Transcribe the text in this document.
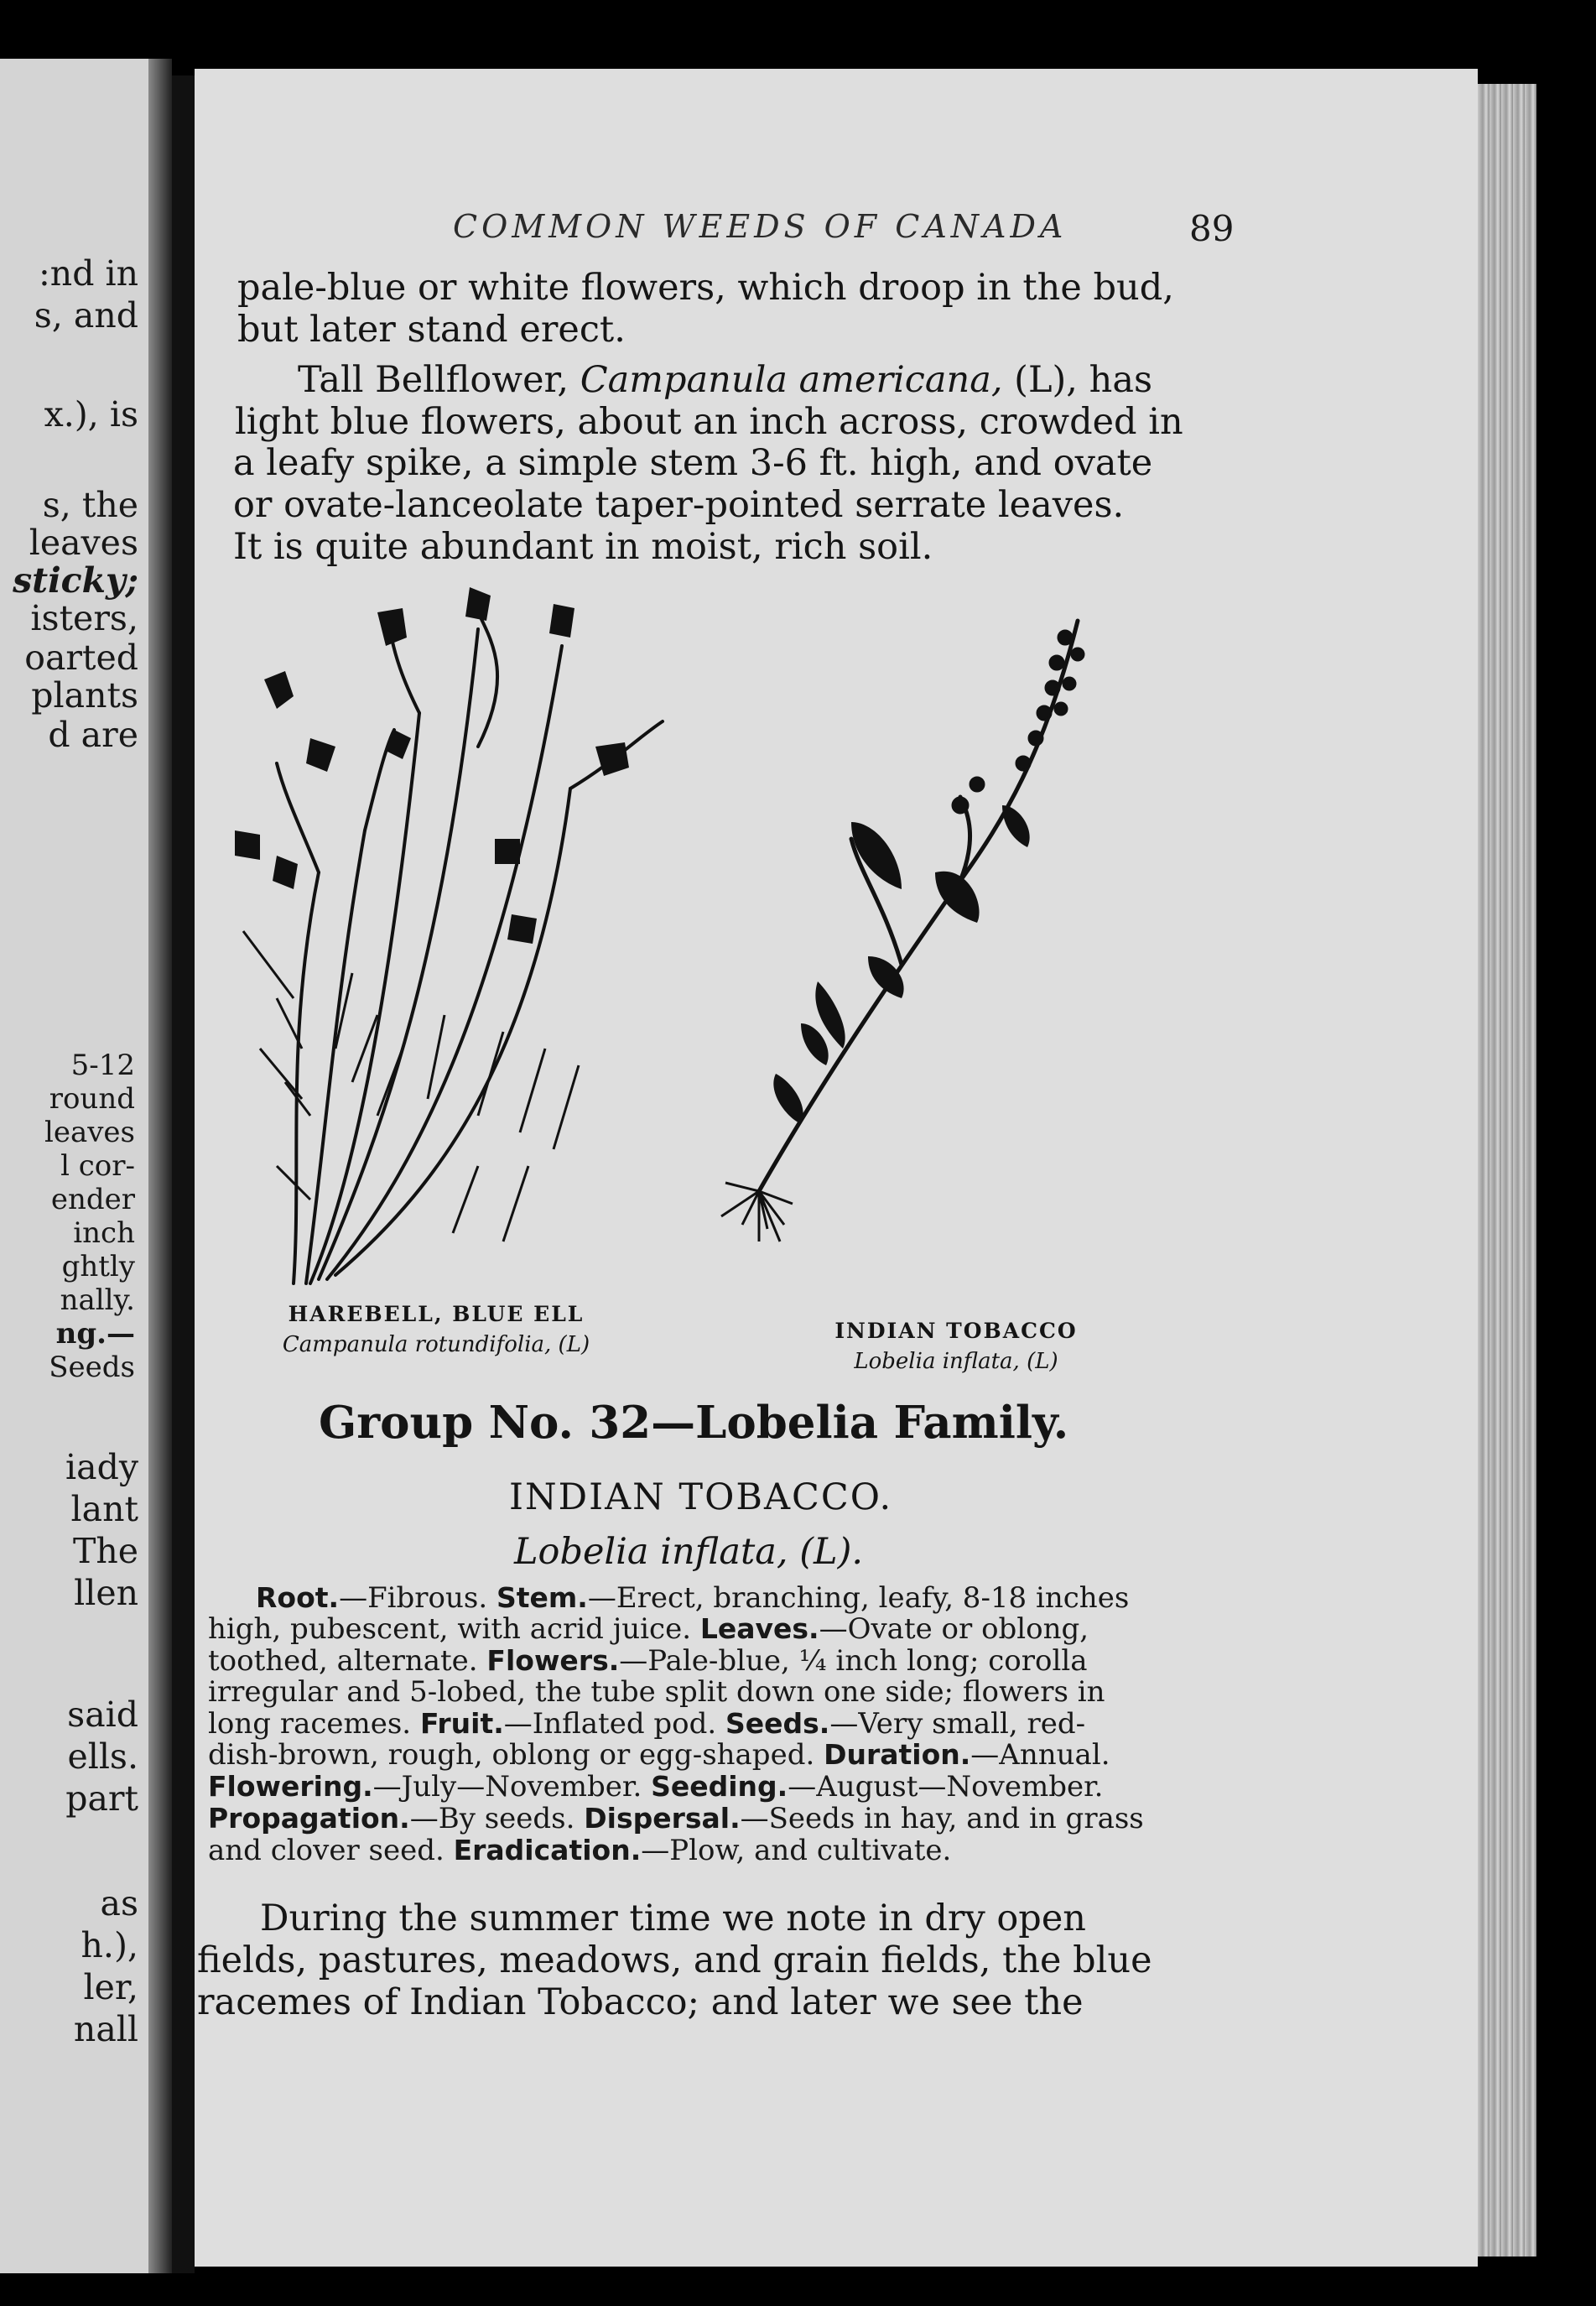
:nd in
s, and
x.), is
s, the
leaves
sticky;
isters,
oarted
plants
d are
5-12
round
leaves
l cor-
ender
inch
ghtly
nally.
ng.—
Seeds
iady
lant
The
llen
said
ells.
part
as
h.),
ler,
nall
COMMON WEEDS OF CANADA	89
pale-blue or white flowers, which droop in the bud,
but later stand erect.
Tall Bellflower, Campanula americana, (L), has
light blue flowers, about an inch across, crowded in
a leafy spike, a simple stem 3-6 ft. high, and ovate
or ovate-lanceolate taper-pointed serrate leaves.
It is quite abundant in moist, rich soil.
HAREBELL, BLUE ELL
Campanula rotundifolia, (L)
INDIAN TOBACCO
Lobelia inflata, (L)
Group No. 32—Lobelia Family.
INDIAN TOBACCO.
Lobelia inflata, (L).
Root.—Fibrous. Stem.—Erect, branching, leafy, 8-18 inches
high, pubescent, with acrid juice. Leaves.—Ovate or oblong,
toothed, alternate. Flowers.—Pale-blue, ¼ inch long; corolla
irregular and 5-lobed, the tube split down one side; flowers in
long racemes. Fruit.—Inflated pod. Seeds.—Very small, red-
dish-brown, rough, oblong or egg-shaped. Duration.—Annual.
Flowering.—July—November. Seeding.—August—November.
Propagation.—By seeds. Dispersal.—Seeds in hay, and in grass
and clover seed. Eradication.—Plow, and cultivate.
During the summer time we note in dry open
fields, pastures, meadows, and grain fields, the blue
racemes of Indian Tobacco; and later we see the
